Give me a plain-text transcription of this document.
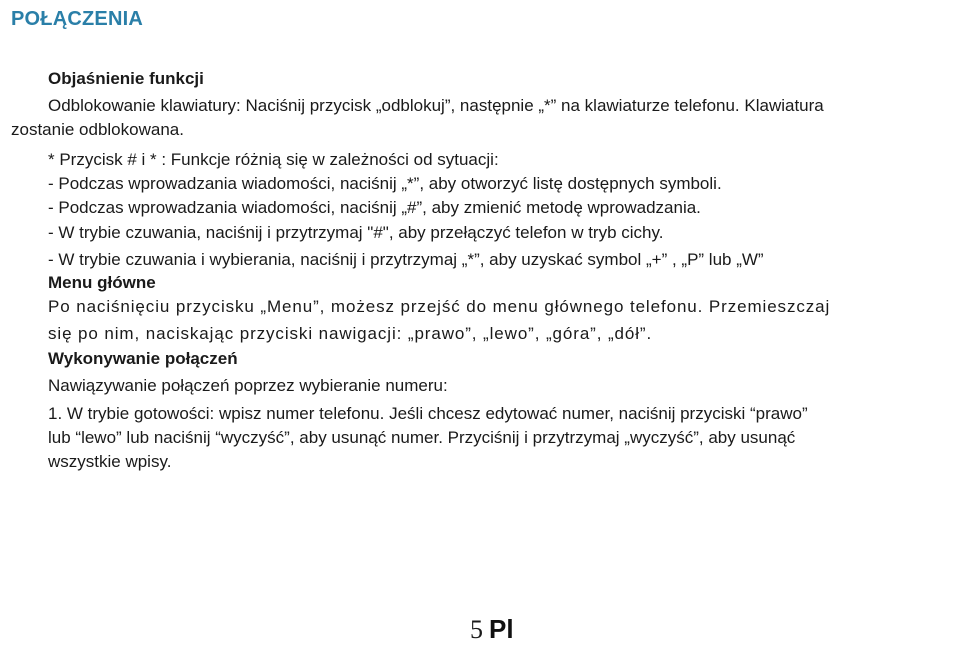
POŁĄCZENIA
Objaśnienie funkcji
Odblokowanie klawiatury: Naciśnij przycisk „odblokuj”, następnie „*” na klawiaturze telefonu. Klawiatura
zostanie odblokowana.
* Przycisk # i * : Funkcje różnią się w zależności od sytuacji:
- Podczas wprowadzania wiadomości, naciśnij „*”, aby otworzyć listę dostępnych symboli.
- Podczas wprowadzania wiadomości, naciśnij „#”, aby zmienić metodę wprowadzania.
- W trybie czuwania, naciśnij i przytrzymaj "#", aby przełączyć telefon w tryb cichy.
- W trybie czuwania i wybierania, naciśnij i przytrzymaj „*”, aby uzyskać symbol „+” , „P” lub „W”
Menu główne
Po naciśnięciu przycisku „Menu”, możesz przejść do menu głównego telefonu. Przemieszczaj
się po nim, naciskając przyciski nawigacji: „prawo”, „lewo”, „góra”, „dół”.
Wykonywanie połączeń
Nawiązywanie połączeń poprzez wybieranie numeru:
1. W trybie gotowości: wpisz numer telefonu. Jeśli chcesz edytować numer, naciśnij przyciski “prawo”
lub “lewo” lub naciśnij “wyczyść”, aby usunąć numer. Przyciśnij i przytrzymaj „wyczyść”, aby usunąć
wszystkie wpisy.
5 Pl
